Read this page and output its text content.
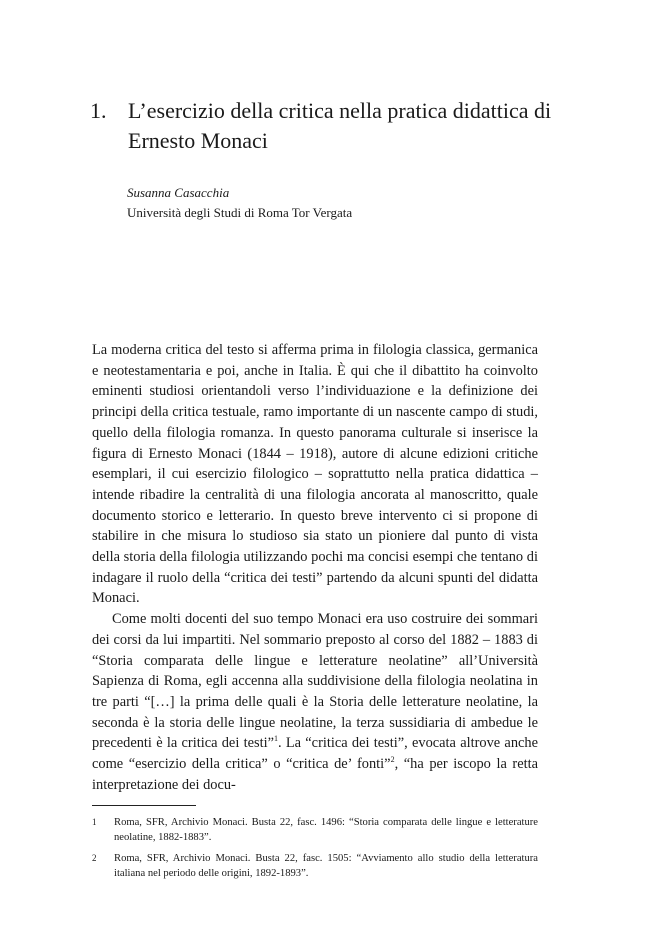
1. L’esercizio della critica nella pratica didattica di Ernesto Monaci
Susanna Casacchia
Università degli Studi di Roma Tor Vergata

La moderna critica del testo si afferma prima in filologia classica, germanica e neotestamentaria e poi, anche in Italia. È qui che il dibattito ha coinvolto eminenti studiosi orientandoli verso l’individuazione e la definizione dei principi della critica testuale, ramo importante di un nascente campo di studi, quello della filologia romanza. In questo panorama culturale si inserisce la figura di Ernesto Monaci (1844 – 1918), autore di alcune edizioni critiche esemplari, il cui esercizio filologico – soprattutto nella pratica didattica – intende ribadire la centralità di una filologia ancorata al manoscritto, quale documento storico e letterario. In questo breve intervento ci si propone di stabilire in che misura lo studioso sia stato un pioniere dal punto di vista della storia della filologia utilizzando pochi ma concisi esempi che tentano di indagare il ruolo della “critica dei testi” partendo da alcuni spunti del didatta Monaci.

Come molti docenti del suo tempo Monaci era uso costruire dei sommari dei corsi da lui impartiti. Nel sommario preposto al corso del 1882 – 1883 di “Storia comparata delle lingue e letterature neolatine” all’Università Sapienza di Roma, egli accenna alla suddivisione della filologia neolatina in tre parti “[…] la prima delle quali è la Storia delle letterature neolatine, la seconda è la storia delle lingue neolatine, la terza sussidiaria di ambedue le precedenti è la critica dei testi”$^1$. La “critica dei testi”, evocata altrove anche come “esercizio della critica” o “critica de’ fonti”$^2$, “ha per iscopo la retta interpretazione dei docu-

1	Roma, SFR, Archivio Monaci. Busta 22, fasc. 1496: “Storia comparata delle lingue e letterature neolatine, 1882-1883”.
2	Roma, SFR, Archivio Monaci. Busta 22, fasc. 1505: “Avviamento allo studio della letteratura italiana nel periodo delle origini, 1892-1893”.
